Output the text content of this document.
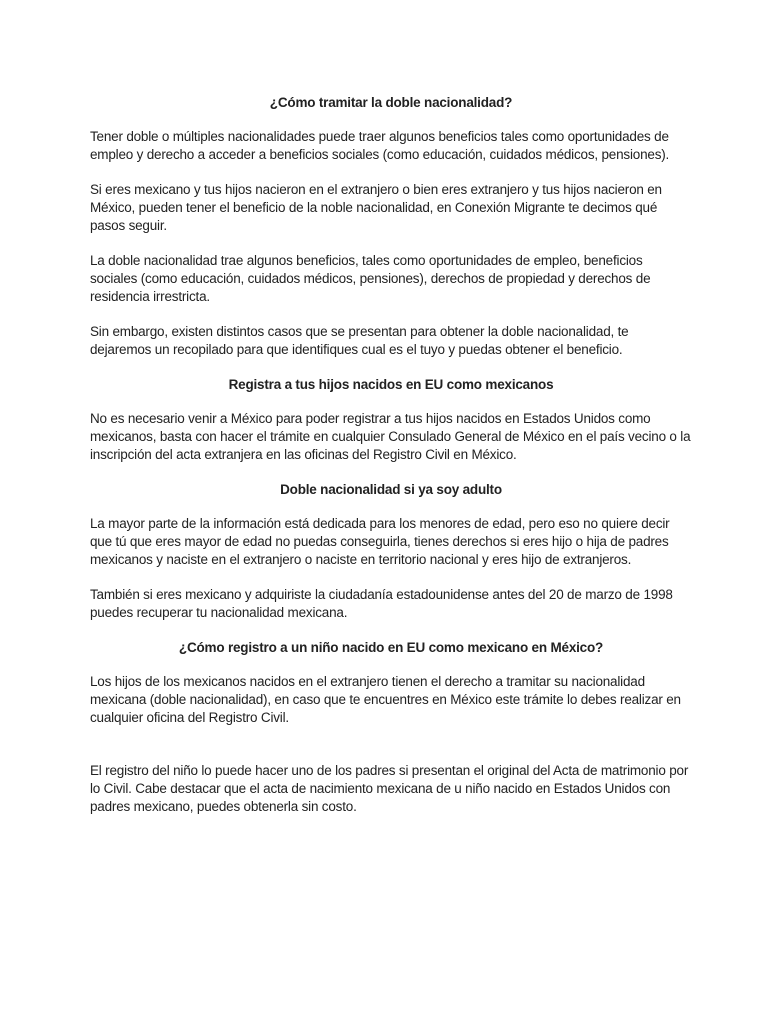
¿Cómo tramitar la doble nacionalidad?

Tener doble o múltiples nacionalidades puede traer algunos beneficios tales como oportunidades de empleo y derecho a acceder a beneficios sociales (como educación, cuidados médicos, pensiones).

Si eres mexicano y tus hijos nacieron en el extranjero o bien eres extranjero y tus hijos nacieron en México, pueden tener el beneficio de la noble nacionalidad, en Conexión Migrante te decimos qué pasos seguir.

La doble nacionalidad trae algunos beneficios, tales como oportunidades de empleo, beneficios sociales (como educación, cuidados médicos, pensiones), derechos de propiedad y derechos de residencia irrestricta.

Sin embargo, existen distintos casos que se presentan para obtener la doble nacionalidad, te dejaremos un recopilado para que identifiques cual es el tuyo y puedas obtener el beneficio.

Registra a tus hijos nacidos en EU como mexicanos

No es necesario venir a México para poder registrar a tus hijos nacidos en Estados Unidos como mexicanos, basta con hacer el trámite en cualquier Consulado General de México en el país vecino o la inscripción del acta extranjera en las oficinas del Registro Civil en México.

Doble nacionalidad si ya soy adulto

La mayor parte de la información está dedicada para los menores de edad, pero eso no quiere decir que tú que eres mayor de edad no puedas conseguirla, tienes derechos si eres hijo o hija de padres mexicanos y naciste en el extranjero o naciste en territorio nacional y eres hijo de extranjeros.

También si eres mexicano y adquiriste la ciudadanía estadounidense antes del 20 de marzo de 1998 puedes recuperar tu nacionalidad mexicana.

¿Cómo registro a un niño nacido en EU como mexicano en México?

Los hijos de los mexicanos nacidos en el extranjero tienen el derecho a tramitar su nacionalidad mexicana (doble nacionalidad), en caso que te encuentres en México este trámite lo debes realizar en cualquier oficina del Registro Civil.

El registro del niño lo puede hacer uno de los padres si presentan el original del Acta de matrimonio por lo Civil. Cabe destacar que el acta de nacimiento mexicana de u niño nacido en Estados Unidos con padres mexicano, puedes obtenerla sin costo.
